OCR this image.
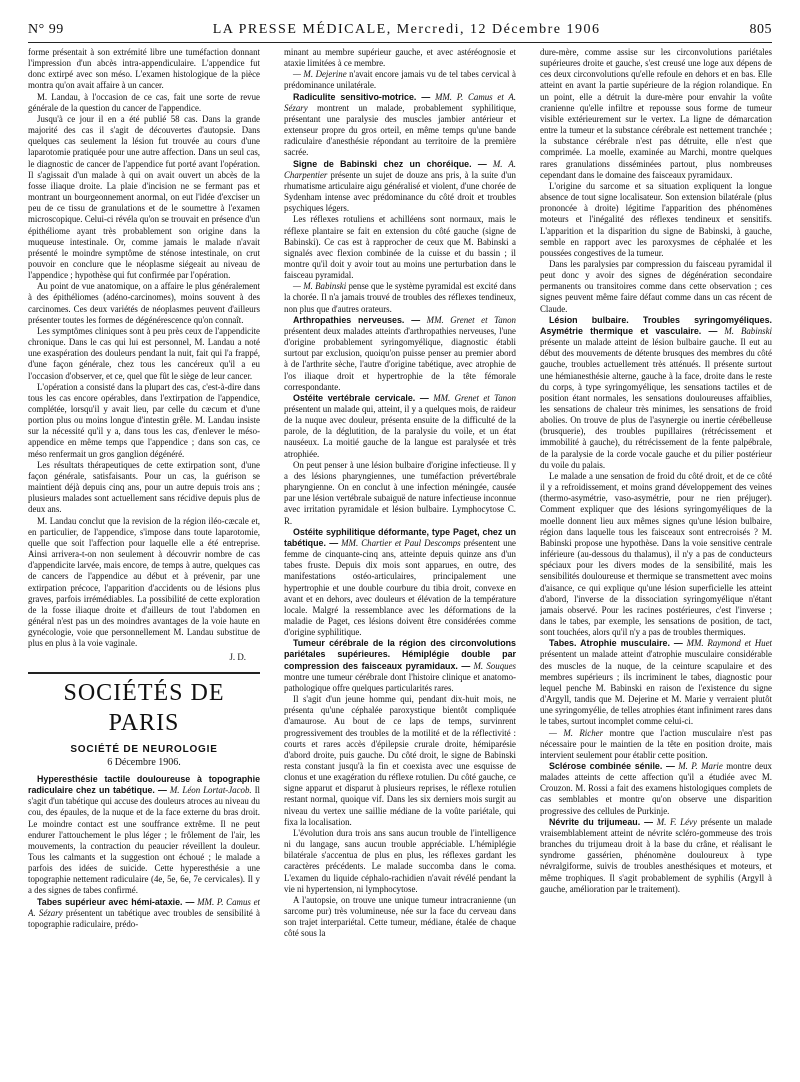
N° 99	LA PRESSE MÉDICALE, Mercredi, 12 Décembre 1906	805

forme présentait à son extrémité libre une tuméfaction donnant l'impression d'un abcès intra-appendiculaire. L'appendice fut donc extirpé avec son méso. L'examen histologique de la pièce montra qu'on avait affaire à un cancer.

M. Landau, à l'occasion de ce cas, fait une sorte de revue générale de la question du cancer de l'appendice.

Jusqu'à ce jour il en a été publié 58 cas. Dans la grande majorité des cas il s'agit de découvertes d'autopsie. Dans quelques cas seulement la lésion fut trouvée au cours d'une laparotomie pratiquée pour une autre affection. Dans un seul cas, le diagnostic de cancer de l'appendice fut porté avant l'opération. Il s'agissait d'un malade à qui on avait ouvert un abcès de la fosse iliaque droite. La plaie d'incision ne se fermant pas et montrant un bourgeonnement anormal, on eut l'idée d'exciser un peu de ce tissu de granulations et de le soumettre à l'examen microscopique. Celui-ci révéla qu'on se trouvait en présence d'un épithéliome ayant très probablement son origine dans la muqueuse intestinale. Or, comme jamais le malade n'avait présenté le moindre symptôme de sténose intestinale, on crut pouvoir en conclure que le néoplasme siégeait au niveau de l'appendice ; hypothèse qui fut confirmée par l'opération.

Au point de vue anatomique, on a affaire le plus généralement à des épithéliomes (adéno-carcinomes), moins souvent à des carcinomes. Ces deux variétés de néoplasmes peuvent d'ailleurs présenter toutes les formes de dégénérescence qu'on connaît.

Les symptômes cliniques sont à peu près ceux de l'appendicite chronique. Dans le cas qui lui est personnel, M. Landau a noté une exaspération des douleurs pendant la nuit, fait qui l'a frappé, d'une façon générale, chez tous les cancéreux qu'il a eu l'occasion d'observer, et ce, quel que fût le siège de leur cancer.

L'opération a consisté dans la plupart des cas, c'est-à-dire dans tous les cas encore opérables, dans l'extirpation de l'appendice, complétée, lorsqu'il y avait lieu, par celle du cæcum et d'une portion plus ou moins longue d'intestin grêle. M. Landau insiste sur la nécessité qu'il y a, dans tous les cas, d'enlever le méso-appendice en même temps que l'appendice ; dans son cas, ce méso renfermait un gros ganglion dégénéré.

Les résultats thérapeutiques de cette extirpation sont, d'une façon générale, satisfaisants. Pour un cas, la guérison se maintient déjà depuis cinq ans, pour un autre depuis trois ans ; plusieurs malades sont actuellement sans récidive depuis plus de deux ans.

M. Landau conclut que la revision de la région iléo-cæcale et, en particulier, de l'appendice, s'impose dans toute laparotomie, quelle que soit l'affection pour laquelle elle a été entreprise. Ainsi arrivera-t-on non seulement à découvrir nombre de cas d'appendicite larvée, mais encore, de temps à autre, quelques cas de cancers de l'appendice au début et à prévenir, par une extirpation précoce, l'apparition d'accidents ou de lésions plus graves, parfois irrémédiables. La possibilité de cette exploration de la fosse iliaque droite et d'ailleurs de tout l'abdomen en général n'est pas un des moindres avantages de la voie haute en gynécologie, voie que personnellement M. Landau substitue de plus en plus à la voie vaginale.

J. D.
SOCIÉTÉS DE PARIS
SOCIÉTÉ DE NEUROLOGIE
6 Décembre 1906.

Hyperesthésie tactile douloureuse à topographie radiculaire chez un tabétique. — M. Léon Lortat-Jacob. Il s'agit d'un tabétique qui accuse des douleurs atroces au niveau du cou, des épaules, de la nuque et de la face externe du bras droit. Le moindre contact est une souffrance extrême. Il ne peut endurer l'attouchement le plus léger ; le frôlement de l'air, les mouvements, la contraction du peaucier réveillent la douleur. Tous les calmants et la suggestion ont échoué ; le malade a parfois des idées de suicide. Cette hyperesthésie a une topographie nettement radiculaire (4e, 5e, 6e, 7e cervicales). Il y a des signes de tabes confirmé.

Tabes supérieur avec hémi-ataxie. — MM. P. Camus et A. Sézary présentent un tabétique avec troubles de sensibilité à topographie radiculaire, prédo-

minant au membre supérieur gauche, et avec astéréognosie et ataxie limitées à ce membre.

— M. Dejerine n'avait encore jamais vu de tel tabes cervical à prédominance unilatérale.

Radiculite sensitivo-motrice. — MM. P. Camus et A. Sézary montrent un malade, probablement syphilitique, présentant une paralysie des muscles jambier antérieur et extenseur propre du gros orteil, en même temps qu'une bande radiculaire d'anesthésie répondant au territoire de la première sacrée.

Signe de Babinski chez un choréique. — M. A. Charpentier présente un sujet de douze ans pris, à la suite d'un rhumatisme articulaire aigu généralisé et violent, d'une chorée de Sydenham intense avec prédominance du côté droit et troubles psychiques légers.

Les réflexes rotuliens et achilléens sont normaux, mais le réflexe plantaire se fait en extension du côté gauche (signe de Babinski). Ce cas est à rapprocher de ceux que M. Babinski a signalés avec flexion combinée de la cuisse et du bassin ; il montre qu'il doit y avoir tout au moins une perturbation dans le faisceau pyramidal.

— M. Babinski pense que le système pyramidal est excité dans la chorée. Il n'a jamais trouvé de troubles des réflexes tendineux, non plus que d'autres orateurs.

Arthropathies nerveuses. — MM. Grenet et Tanon présentent deux malades atteints d'arthropathies nerveuses, l'une d'origine probablement syringomyélique, diagnostic établi surtout par exclusion, quoiqu'on puisse penser au premier abord à de l'arthrite sèche, l'autre d'origine tabétique, avec atrophie de l'os iliaque droit et hypertrophie de la tête fémorale correspondante.

Ostéite vertébrale cervicale. — MM. Grenet et Tanon présentent un malade qui, atteint, il y a quelques mois, de raideur de la nuque avec douleur, présenta ensuite de la difficulté de la parole, de la déglutition, de la paralysie du voile, et un état nauséeux. La moitié gauche de la langue est paralysée et très atrophiée.

On peut penser à une lésion bulbaire d'origine infectieuse. Il y a des lésions pharyngiennes, une tuméfaction prévertébrale pharyngienne. On en conclut à une infection méningée, causée par une lésion vertébrale subaiguë de nature infectieuse inconnue avec irritation pyramidale et lésion bulbaire. Lymphocytose C. R.

Ostéite syphilitique déformante, type Paget, chez un tabétique. — MM. Chartier et Paul Descomps présentent une femme de cinquante-cinq ans, atteinte depuis quinze ans d'un tabes fruste. Depuis dix mois sont apparues, en outre, des manifestations ostéo-articulaires, principalement une hypertrophie et une double courbure du tibia droit, convexe en avant et en dehors, avec douleurs et élévation de la température locale. Malgré la ressemblance avec les déformations de la maladie de Paget, ces lésions doivent être considérées comme d'origine syphilitique.

Tumeur cérébrale de la région des circonvolutions pariétales supérieures. Hémiplégie double par compression des faisceaux pyramidaux. — M. Souques montre une tumeur cérébrale dont l'histoire clinique et anatomo-pathologique offre quelques particularités rares.

Il s'agit d'un jeune homme qui, pendant dix-huit mois, ne présenta qu'une céphalée paroxystique bientôt compliquée d'amaurose. Au bout de ce laps de temps, survinrent progressivement des troubles de la motilité et de la réflectivité : courts et rares accès d'épilepsie crurale droite, hémiparésie d'abord droite, puis gauche. Du côté droit, le signe de Babinski resta constant jusqu'à la fin et coexista avec une esquisse de clonus et une exagération du réflexe rotulien. Du côté gauche, ce signe apparut et disparut à plusieurs reprises, le réflexe rotulien restant normal, quoique vif. Dans les six derniers mois surgit au niveau du vertex une saillie médiane de la voûte pariétale, qui fixa la localisation.

L'évolution dura trois ans sans aucun trouble de l'intelligence ni du langage, sans aucun trouble appréciable. L'hémiplégie bilatérale s'accentua de plus en plus, les réflexes gardant les caractères précédents. Le malade succomba dans le coma. L'examen du liquide céphalo-rachidien n'avait révélé pendant la vie ni hypertension, ni lymphocytose.

A l'autopsie, on trouve une unique tumeur intracranienne (un sarcome pur) très volumineuse, née sur la face du cerveau dans son trajet interpariétal. Cette tumeur, médiane, étalée de chaque côté sous la

dure-mère, comme assise sur les circonvolutions pariétales supérieures droite et gauche, s'est creusé une loge aux dépens de ces deux circonvolutions qu'elle refoule en dehors et en bas. Elle atteint en avant la partie supérieure de la région rolandique. En un point, elle a détruit la dure-mère pour envahir la voûte cranienne qu'elle infiltre et repousse sous forme de tumeur visible extérieurement sur le vertex. La ligne de démarcation entre la tumeur et la substance cérébrale est nettement tranchée ; la substance cérébrale n'est pas détruite, elle n'est que comprimée. La moelle, examinée au Marchi, montre quelques rares granulations disséminées partout, plus nombreuses cependant dans le domaine des faisceaux pyramidaux.

L'origine du sarcome et sa situation expliquent la longue absence de tout signe localisateur. Son extension bilatérale (plus prononcée à droite) légitime l'apparition des phénomènes moteurs et l'inégalité des réflexes tendineux et sensitifs. L'apparition et la disparition du signe de Babinski, à gauche, semble en rapport avec les paroxysmes de céphalée et les poussées congestives de la tumeur.

Dans les paralysies par compression du faisceau pyramidal il peut donc y avoir des signes de dégénération secondaire permanents ou transitoires comme dans cette observation ; ces signes peuvent même faire défaut comme dans un cas récent de Claude.

Lésion bulbaire. Troubles syringomyéliques. Asymétrie thermique et vasculaire. — M. Babinski présente un malade atteint de lésion bulbaire gauche. Il eut au début des mouvements de détente brusques des membres du côté gauche, troubles actuellement très atténués. Il présente surtout une hémianesthésie alterne, gauche à la face, droite dans le reste du corps, à type syringomyélique, les sensations tactiles et de position étant normales, les sensations douloureuses affaiblies, les sensations de chaleur très minimes, les sensations de froid abolies. On trouve de plus de l'asynergie ou inertie cérébelleuse (brusquerie), des troubles pupillaires (rétrécissement et immobilité à gauche), du rétrécissement de la fente palpébrale, de la paralysie de la corde vocale gauche et du pilier postérieur du voile du palais.

Le malade a une sensation de froid du côté droit, et de ce côté il y a refroidissement, et moins grand développement des veines (thermo-asymétrie, vaso-asymétrie, pour ne rien préjuger). Comment expliquer que des lésions syringomyéliques de la moelle donnent lieu aux mêmes signes qu'une lésion bulbaire, région dans laquelle tous les faisceaux sont entrecroisés ? M. Babinski propose une hypothèse. Dans la voie sensitive centrale inférieure (au-dessous du thalamus), il n'y a pas de conducteurs spéciaux pour les divers modes de la sensibilité, mais les sensibilités douloureuse et thermique se transmettent avec moins d'aisance, ce qui explique qu'une lésion superficielle les atteint d'abord, l'inverse de la dissociation syringomyélique n'étant jamais observé. Pour les racines postérieures, c'est l'inverse ; dans le tabes, par exemple, les sensations de position, de tact, sont touchées, alors qu'il n'y a pas de troubles thermiques.

Tabes. Atrophie musculaire. — MM. Raymond et Huet présentent un malade atteint d'atrophie musculaire considérable des muscles de la nuque, de la ceinture scapulaire et des membres supérieurs ; ils incriminent le tabes, diagnostic pour lequel penche M. Babinski en raison de l'existence du signe d'Argyll, tandis que M. Dejerine et M. Marie y verraient plutôt une syringomyélie, de telles atrophies étant infiniment rares dans le tabes, surtout incomplet comme celui-ci.

— M. Richer montre que l'action musculaire n'est pas nécessaire pour le maintien de la tête en position droite, mais intervient seulement pour établir cette position.

Sclérose combinée sénile. — M. P. Marie montre deux malades atteints de cette affection qu'il a étudiée avec M. Crouzon. M. Rossi a fait des examens histologiques complets de cas semblables et montre qu'on observe une disparition progressive des cellules de Purkinje.

Névrite du trijumeau. — M. F. Lévy présente un malade vraisemblablement atteint de névrite scléro-gommeuse des trois branches du trijumeau droit à la base du crâne, et réalisant le syndrome gassérien, phénomène douloureux à type névralgiforme, suivis de troubles anesthésiques et moteurs, et même trophiques. Il s'agit probablement de syphilis (Argyll à gauche, amélioration par le traitement).
